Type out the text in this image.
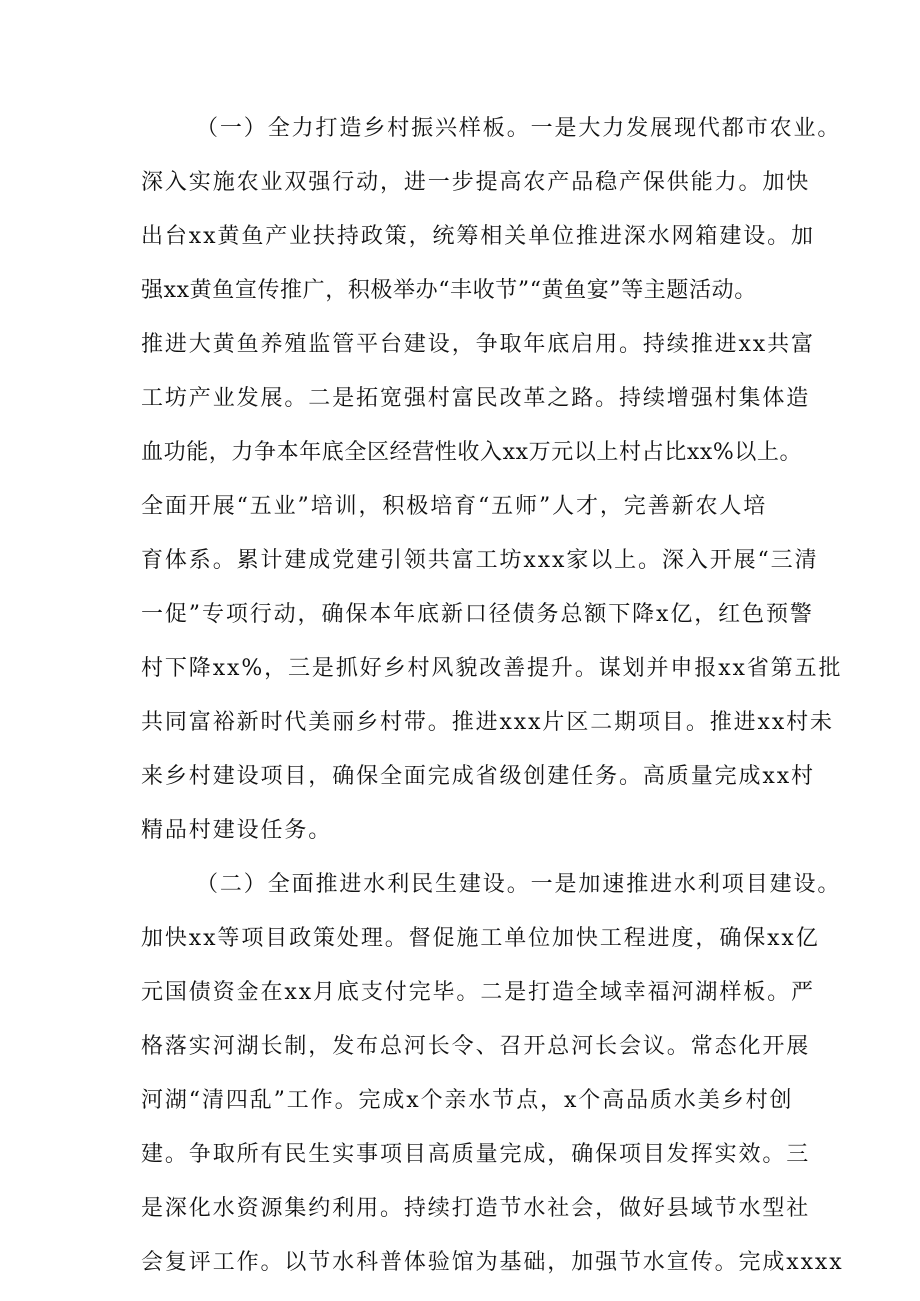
（一）全力打造乡村振兴样板。一是大力发展现代都市农业。
深入实施农业双强行动，进一步提高农产品稳产保供能力。加快
出台xx黄鱼产业扶持政策，统筹相关单位推进深水网箱建设。加
强xx黄鱼宣传推广，积极举办“丰收节”“黄鱼宴”等主题活动。
推进大黄鱼养殖监管平台建设，争取年底启用。持续推进xx共富
工坊产业发展。二是拓宽强村富民改革之路。持续增强村集体造
血功能，力争本年底全区经营性收入xx万元以上村占比xx%以上。
全面开展“五业”培训，积极培育“五师”人才，完善新农人培
育体系。累计建成党建引领共富工坊xxx家以上。深入开展“三清
一促”专项行动，确保本年底新口径债务总额下降x亿，红色预警
村下降xx%，三是抓好乡村风貌改善提升。谋划并申报xx省第五批
共同富裕新时代美丽乡村带。推进xxx片区二期项目。推进xx村未
来乡村建设项目，确保全面完成省级创建任务。高质量完成xx村
精品村建设任务。
（二）全面推进水利民生建设。一是加速推进水利项目建设。
加快xx等项目政策处理。督促施工单位加快工程进度，确保xx亿
元国债资金在xx月底支付完毕。二是打造全域幸福河湖样板。严
格落实河湖长制，发布总河长令、召开总河长会议。常态化开展
河湖“清四乱”工作。完成x个亲水节点，x个高品质水美乡村创
建。争取所有民生实事项目高质量完成，确保项目发挥实效。三
是深化水资源集约利用。持续打造节水社会，做好县域节水型社
会复评工作。以节水科普体验馆为基础，加强节水宣传。完成xxxx
